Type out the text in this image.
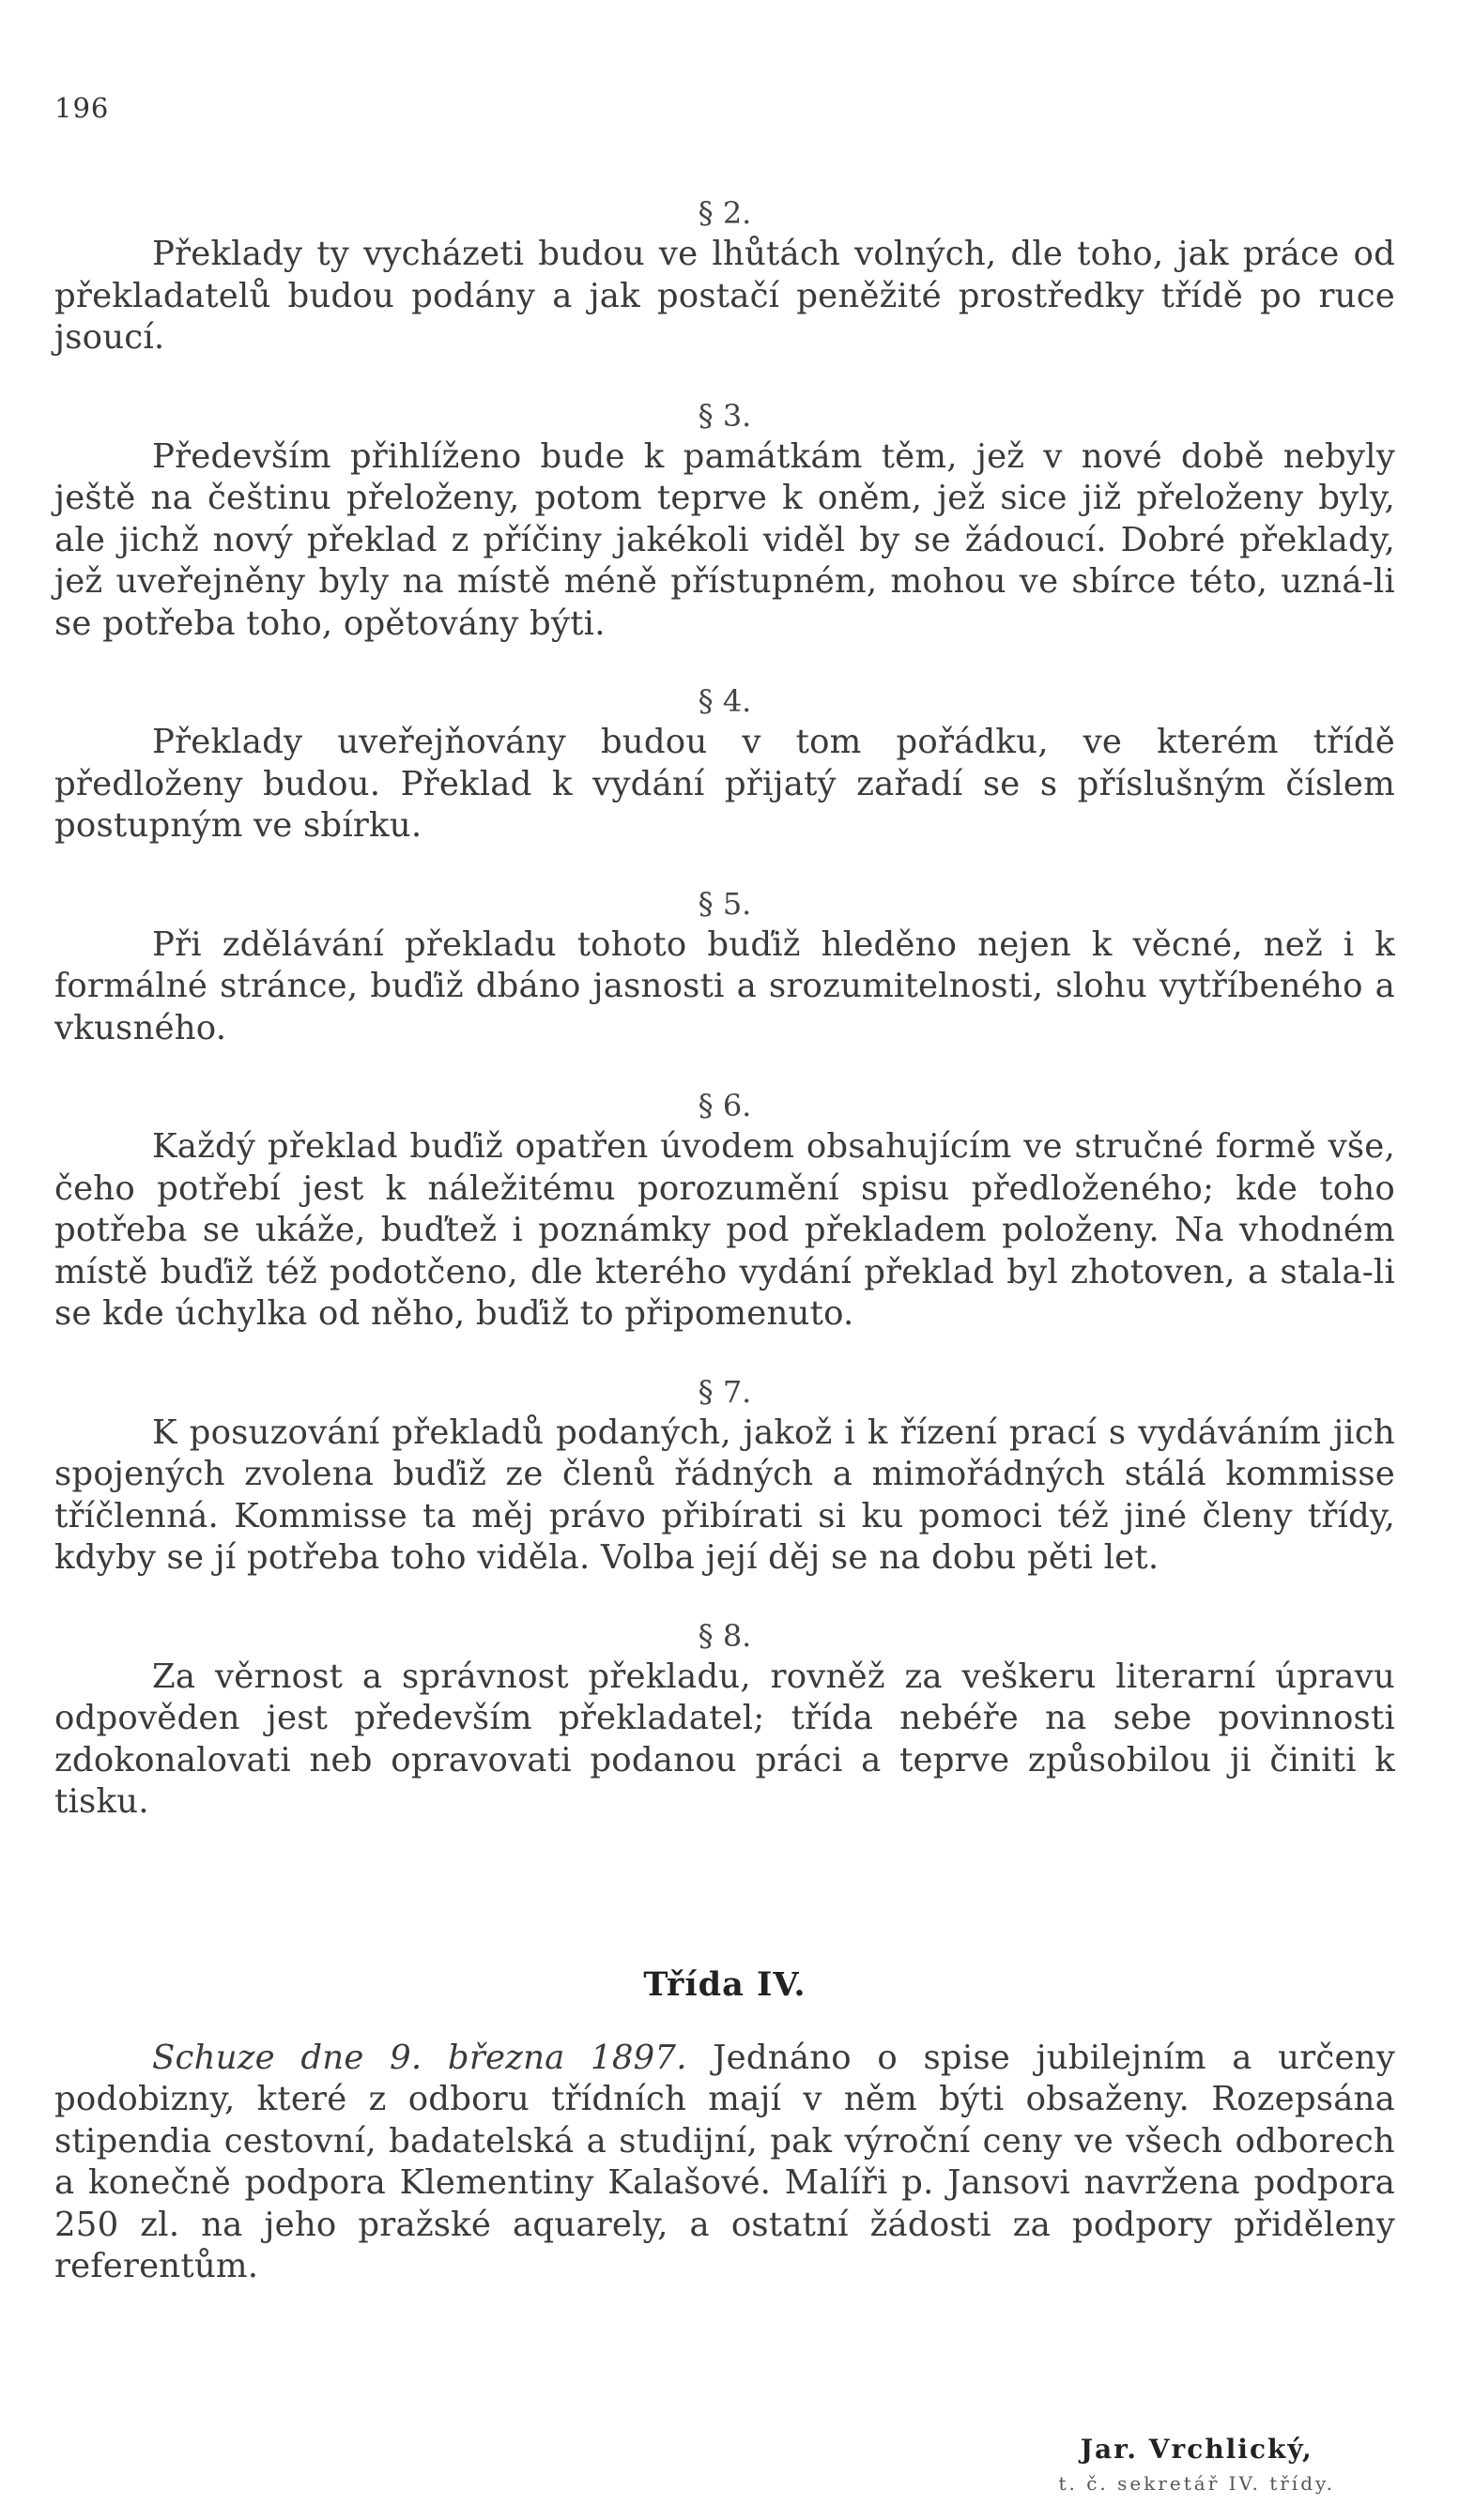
196

§ 2.

Překlady ty vycházeti budou ve lhůtách volných, dle toho, jak práce od překladatelů budou podány a jak postačí peněžité prostředky třídě po ruce jsoucí.

§ 3.

Především přihlíženo bude k památkám těm, jež v nové době nebyly ještě na češtinu přeloženy, potom teprve k oněm, jež sice již přeloženy byly, ale jichž nový překlad z příčiny jakékoli viděl by se žádoucí. Dobré překlady, jež uveřejněny byly na místě méně přístupném, mohou ve sbírce této, uzná-li se potřeba toho, opětovány býti.

§ 4.

Překlady uveřejňovány budou v tom pořádku, ve kterém třídě předloženy budou. Překlad k vydání přijatý zařadí se s příslušným číslem postupným ve sbírku.

§ 5.

Při zdělávání překladu tohoto buďiž hleděno nejen k věcné, než i k formálné stránce, buďiž dbáno jasnosti a srozumitelnosti, slohu vytříbeného a vkusného.

§ 6.

Každý překlad buďiž opatřen úvodem obsahujícím ve stručné formě vše, čeho potřebí jest k náležitému porozumění spisu předloženého; kde toho potřeba se ukáže, buďtež i poznámky pod překladem položeny. Na vhodném místě buďiž též podotčeno, dle kterého vydání překlad byl zhotoven, a stala-li se kde úchylka od něho, buďiž to připomenuto.

§ 7.

K posuzování překladů podaných, jakož i k řízení prací s vydáváním jich spojených zvolena buďiž ze členů řádných a mimořádných stálá kommisse tříčlenná. Kommisse ta měj právo přibírati si ku pomoci též jiné členy třídy, kdyby se jí potřeba toho viděla. Volba její děj se na dobu pěti let.

§ 8.

Za věrnost a správnost překladu, rovněž za veškeru literarní úpravu odpověden jest především překladatel; třída nebéře na sebe povinnosti zdokonalovati neb opravovati podanou práci a teprve způsobilou ji činiti k tisku.

Třída IV.

Schuze dne 9. března 1897. Jednáno o spise jubilejním a určeny podobizny, které z odboru třídních mají v něm býti obsaženy. Rozepsána stipendia cestovní, badatelská a studijní, pak výroční ceny ve všech odborech a konečně podpora Klementiny Kalašové. Malíři p. Jansovi navržena podpora 250 zl. na jeho pražské aquarely, a ostatní žádosti za podpory přiděleny referentům.

Jar. Vrchlický,
t. č. sekretář IV. třídy.
